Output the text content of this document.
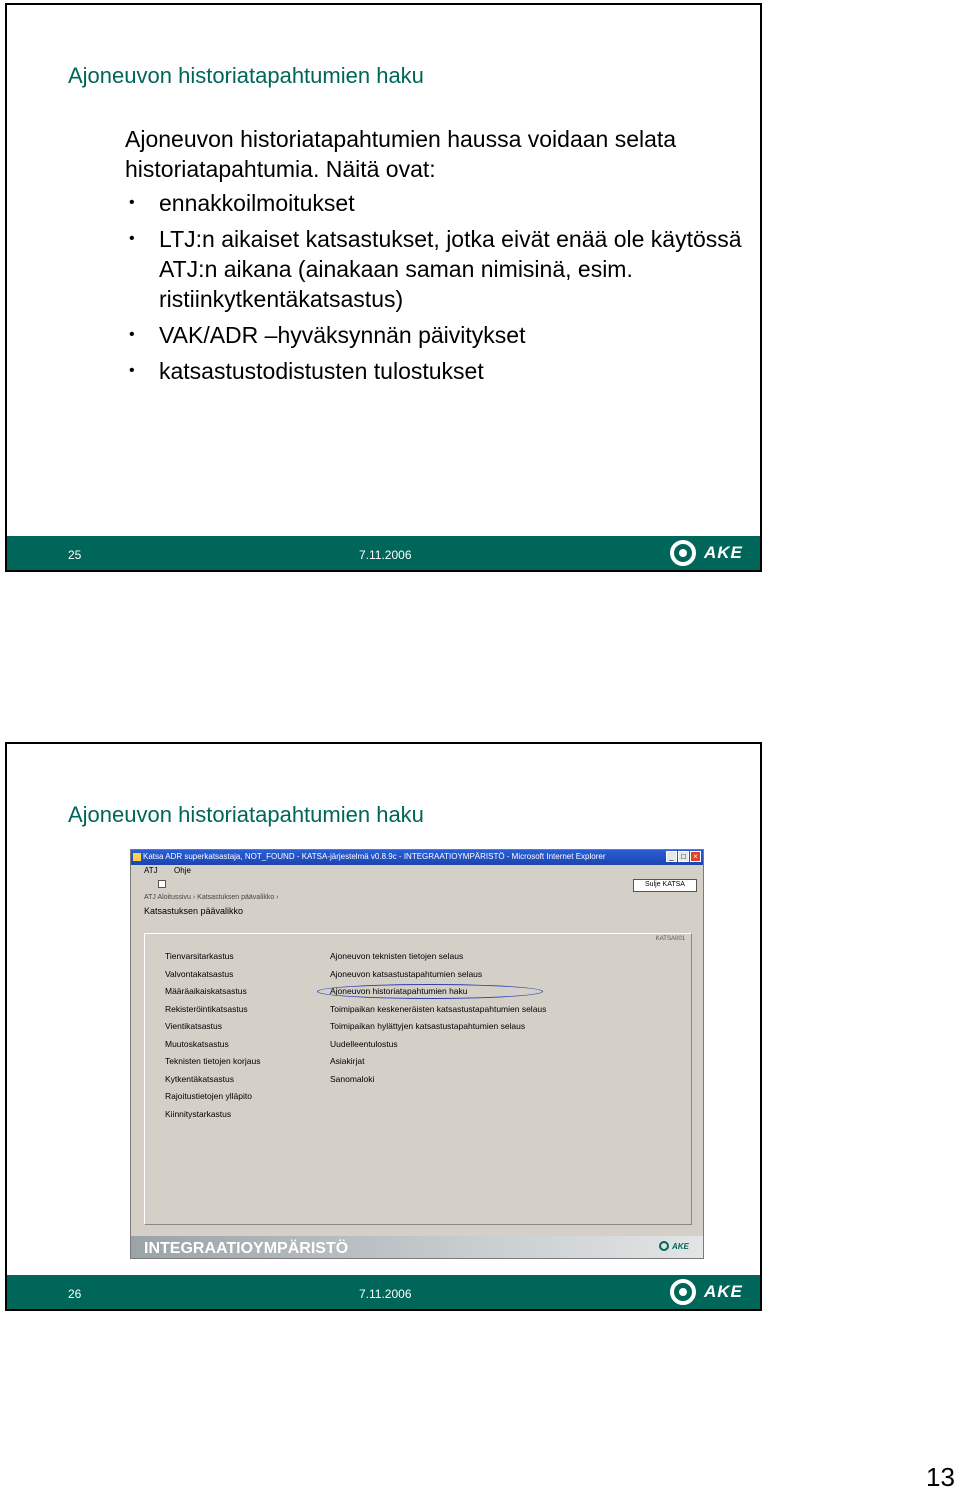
Ajoneuvon historiatapahtumien haku

Ajoneuvon historiatapahtumien haussa voidaan selata historiatapahtumia. Näitä ovat:

• ennakkoilmoitukset
• LTJ:n aikaiset katsastukset, jotka eivät enää ole käytössä ATJ:n aikana (ainakaan saman nimisinä, esim. ristiinkytkentäkatsastus)
• VAK/ADR –hyväksynnän päivitykset
• katsastustodistusten tulostukset
25	7.11.2006	AKE
Ajoneuvon historiatapahtumien haku
Katsa ADR superkatsastaja, NOT_FOUND - KATSA-järjestelmä v0.8.9c - INTEGRAATIOYMPÄRISTÖ - Microsoft Internet Explorer	_ □ ×
ATJ Ohje
Sulje KATSA
ATJ Aloitussivu › Katsastuksen päävalikko ›
Katsastuksen päävalikko
KATSA001
Tienvarsitarkastus
Valvontakatsastus
Määräaikaiskatsastus
Rekisteröintikatsastus
Vientikatsastus
Muutoskatsastus
Teknisten tietojen korjaus
Kytkentäkatsastus
Rajoitustietojen ylläpito
Kiinnitystarkastus
Ajoneuvon teknisten tietojen selaus
Ajoneuvon katsastustapahtumien selaus
Ajoneuvon historiatapahtumien haku
Toimipaikan keskeneräisten katsastustapahtumien selaus
Toimipaikan hylättyjen katsastustapahtumien selaus
Uudelleentulostus
Asiakirjat
Sanomaloki
INTEGRAATIOYMPÄRISTÖ	AKE
26	7.11.2006	AKE
13
